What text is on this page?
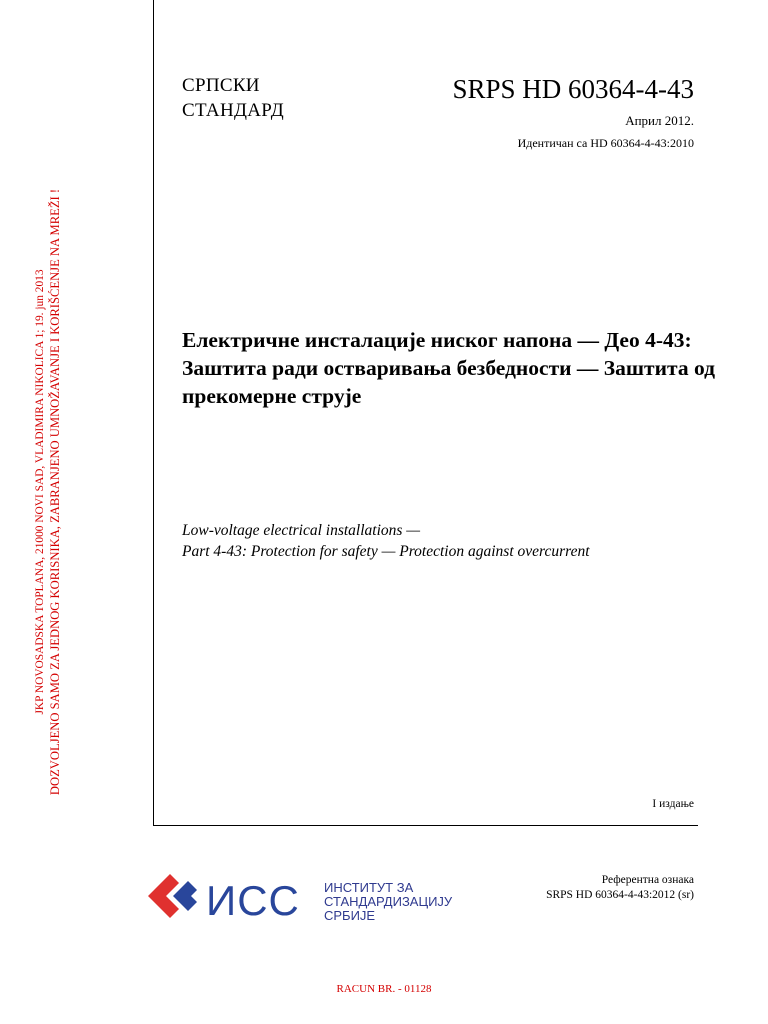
JKP NOVOSADSKA TOPLANA, 21000 NOVI SAD, VLADIMIRA NIKOLICA 1; 19. jun 2013 DOZVOLJENO SAMO ZA JEDNOG KORISNIKA, ZABRANJENO UMNOŽAVANJE I KORIŠĆENJE NA MREŽI !
СРПСКИ
СТАНДАРД
SRPS HD 60364-4-43
Април 2012.
Идентичан са HD 60364-4-43:2010
Електричне инсталације ниског напона — Део 4-43: Заштита ради остваривања безбедности — Заштита од прекомерне струје
Low-voltage electrical installations —
Part 4-43: Protection for safety — Protection against overcurrent
I издање
ИСС ИНСТИТУТ ЗА
СТАНДАРДИЗАЦИЈУ
СРБИЈЕ
Референтна ознака
SRPS HD 60364-4-43:2012 (sr)
RACUN BR. - 01128
